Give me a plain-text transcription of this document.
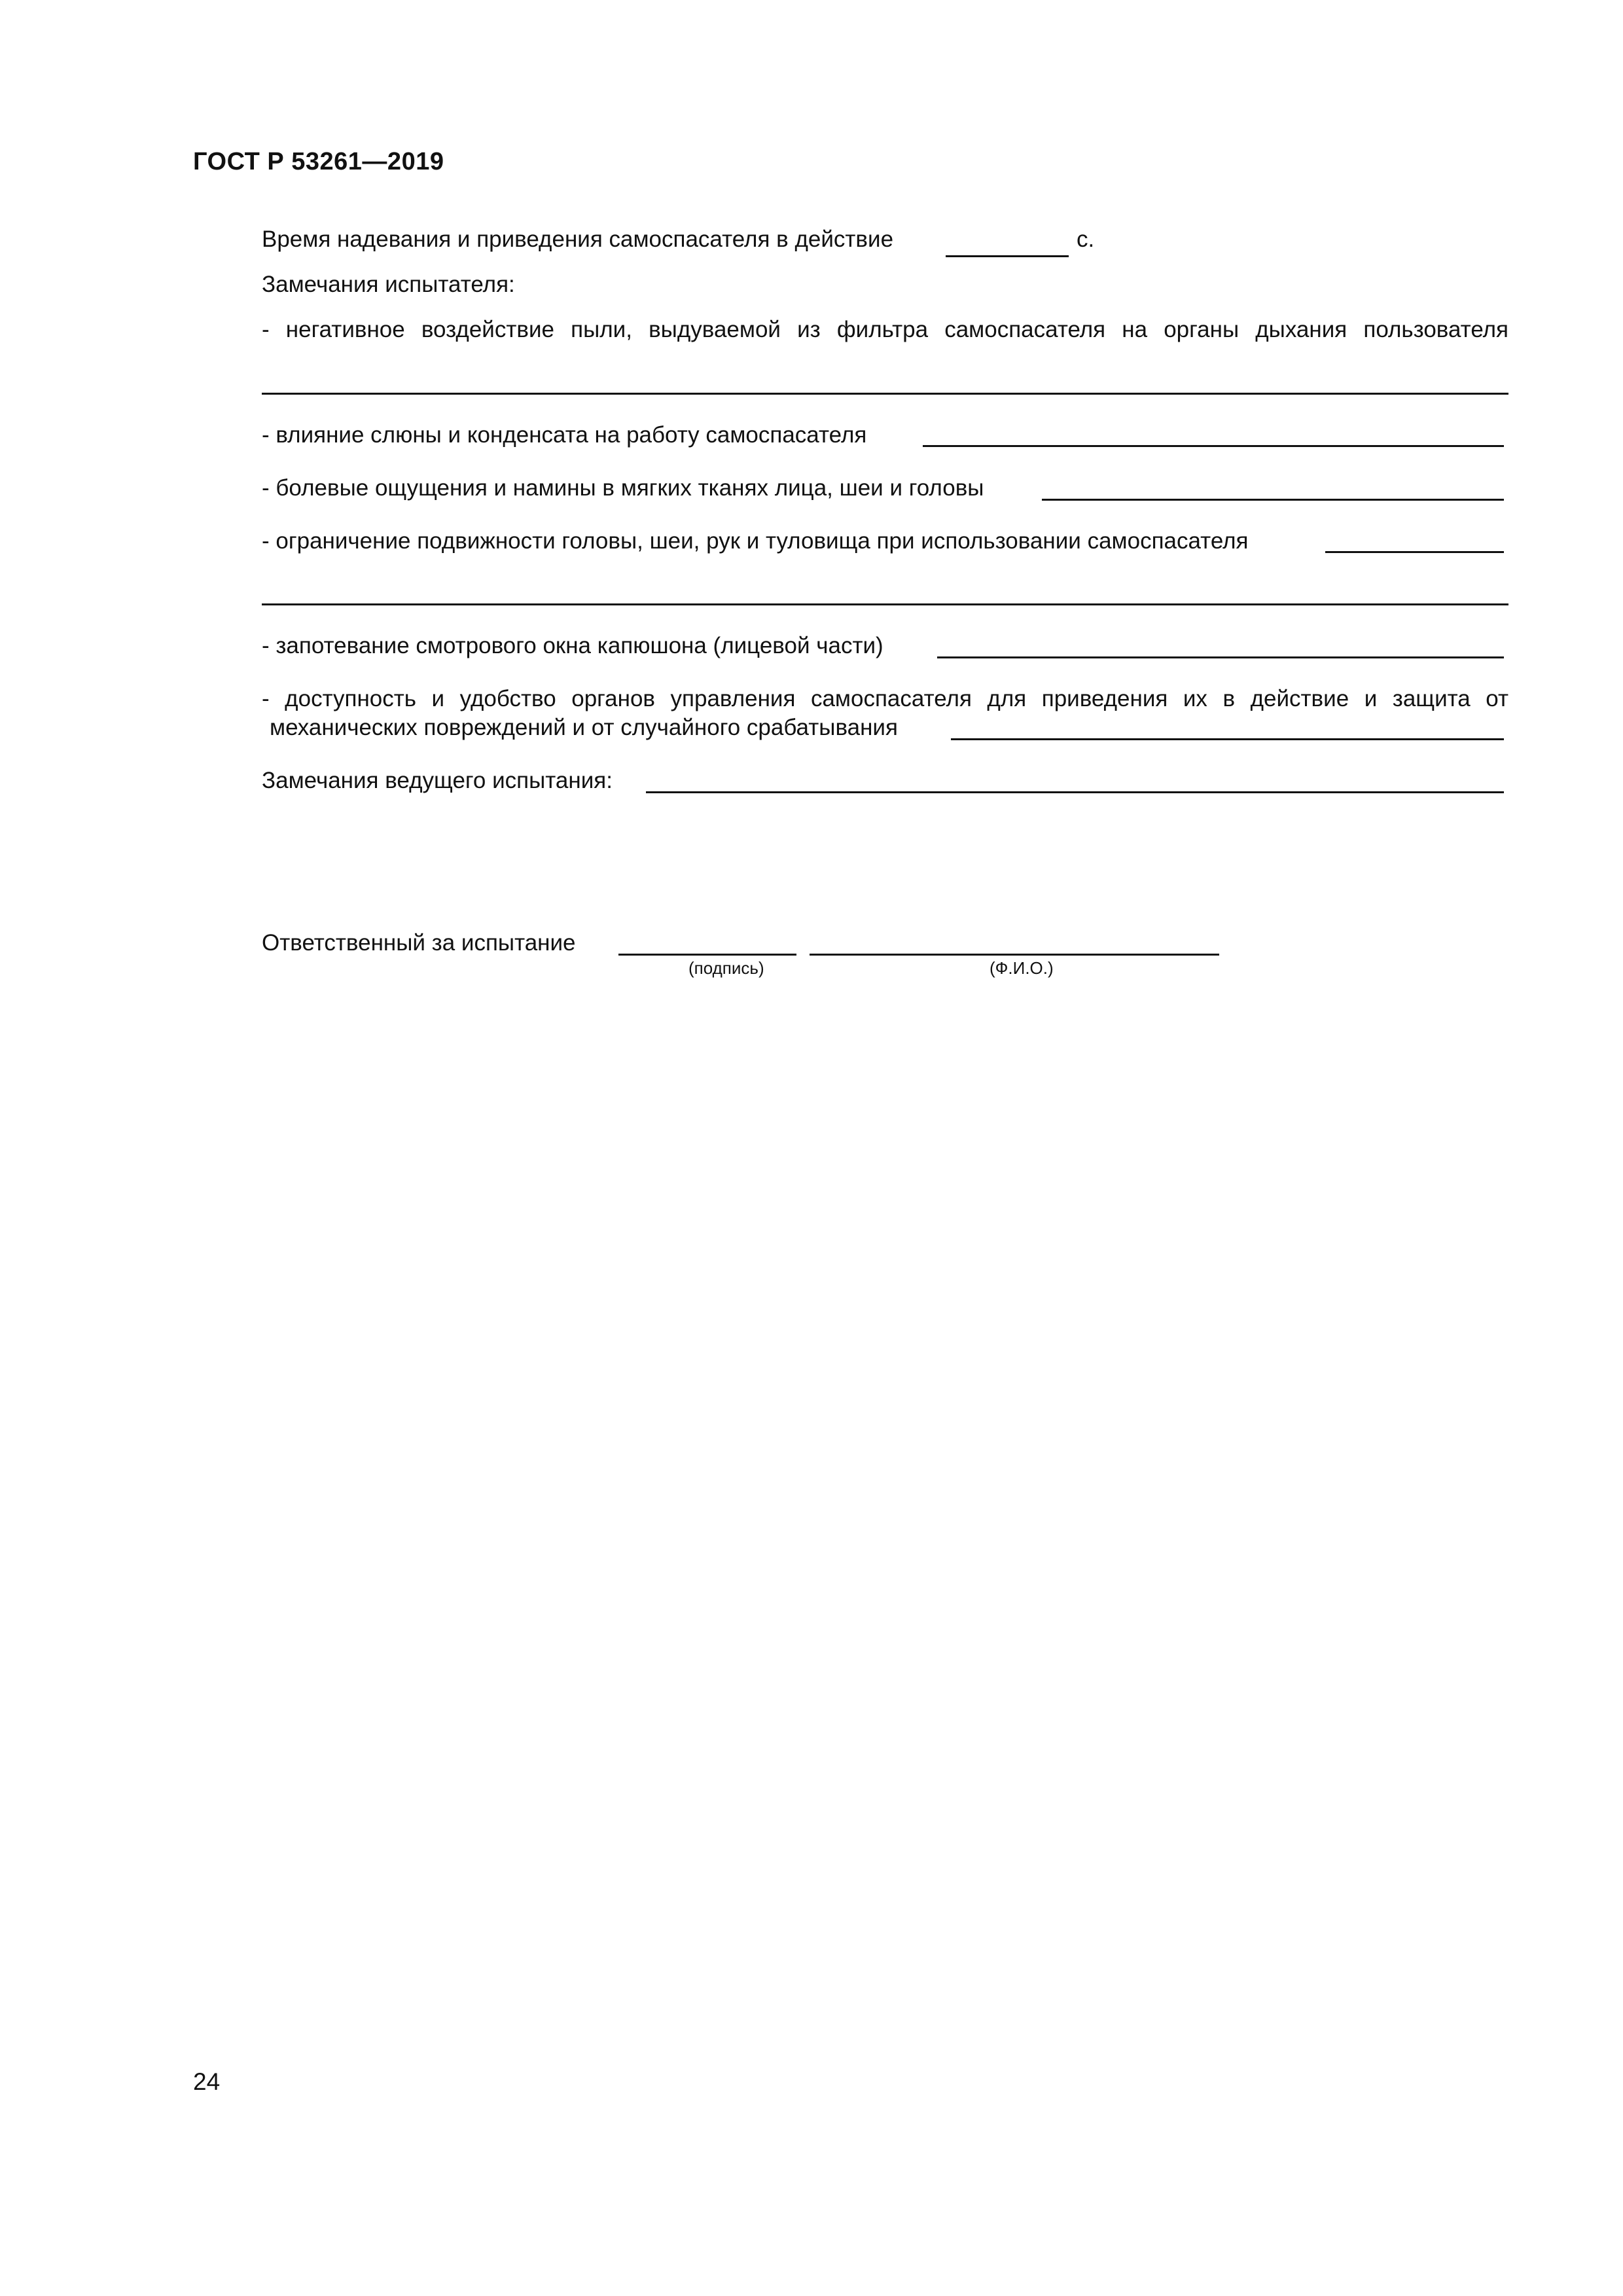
ГОСТ Р 53261—2019
Время надевания и приведения самоспасателя в действие	с.
Замечания испытателя:
- негативное воздействие пыли, выдуваемой из фильтра самоспасателя на органы дыхания пользователя
- влияние слюны и конденсата на работу самоспасателя
- болевые ощущения и намины в мягких тканях лица, шеи и головы
- ограничение подвижности головы, шеи, рук и туловища при использовании самоспасателя
- запотевание смотрового окна капюшона (лицевой части)
- доступность и удобство органов управления самоспасателя для приведения их в действие и защита от
механических повреждений и от случайного срабатывания
Замечания ведущего испытания:
Ответственный за испытание
(подпись)	(Ф.И.О.)
24
